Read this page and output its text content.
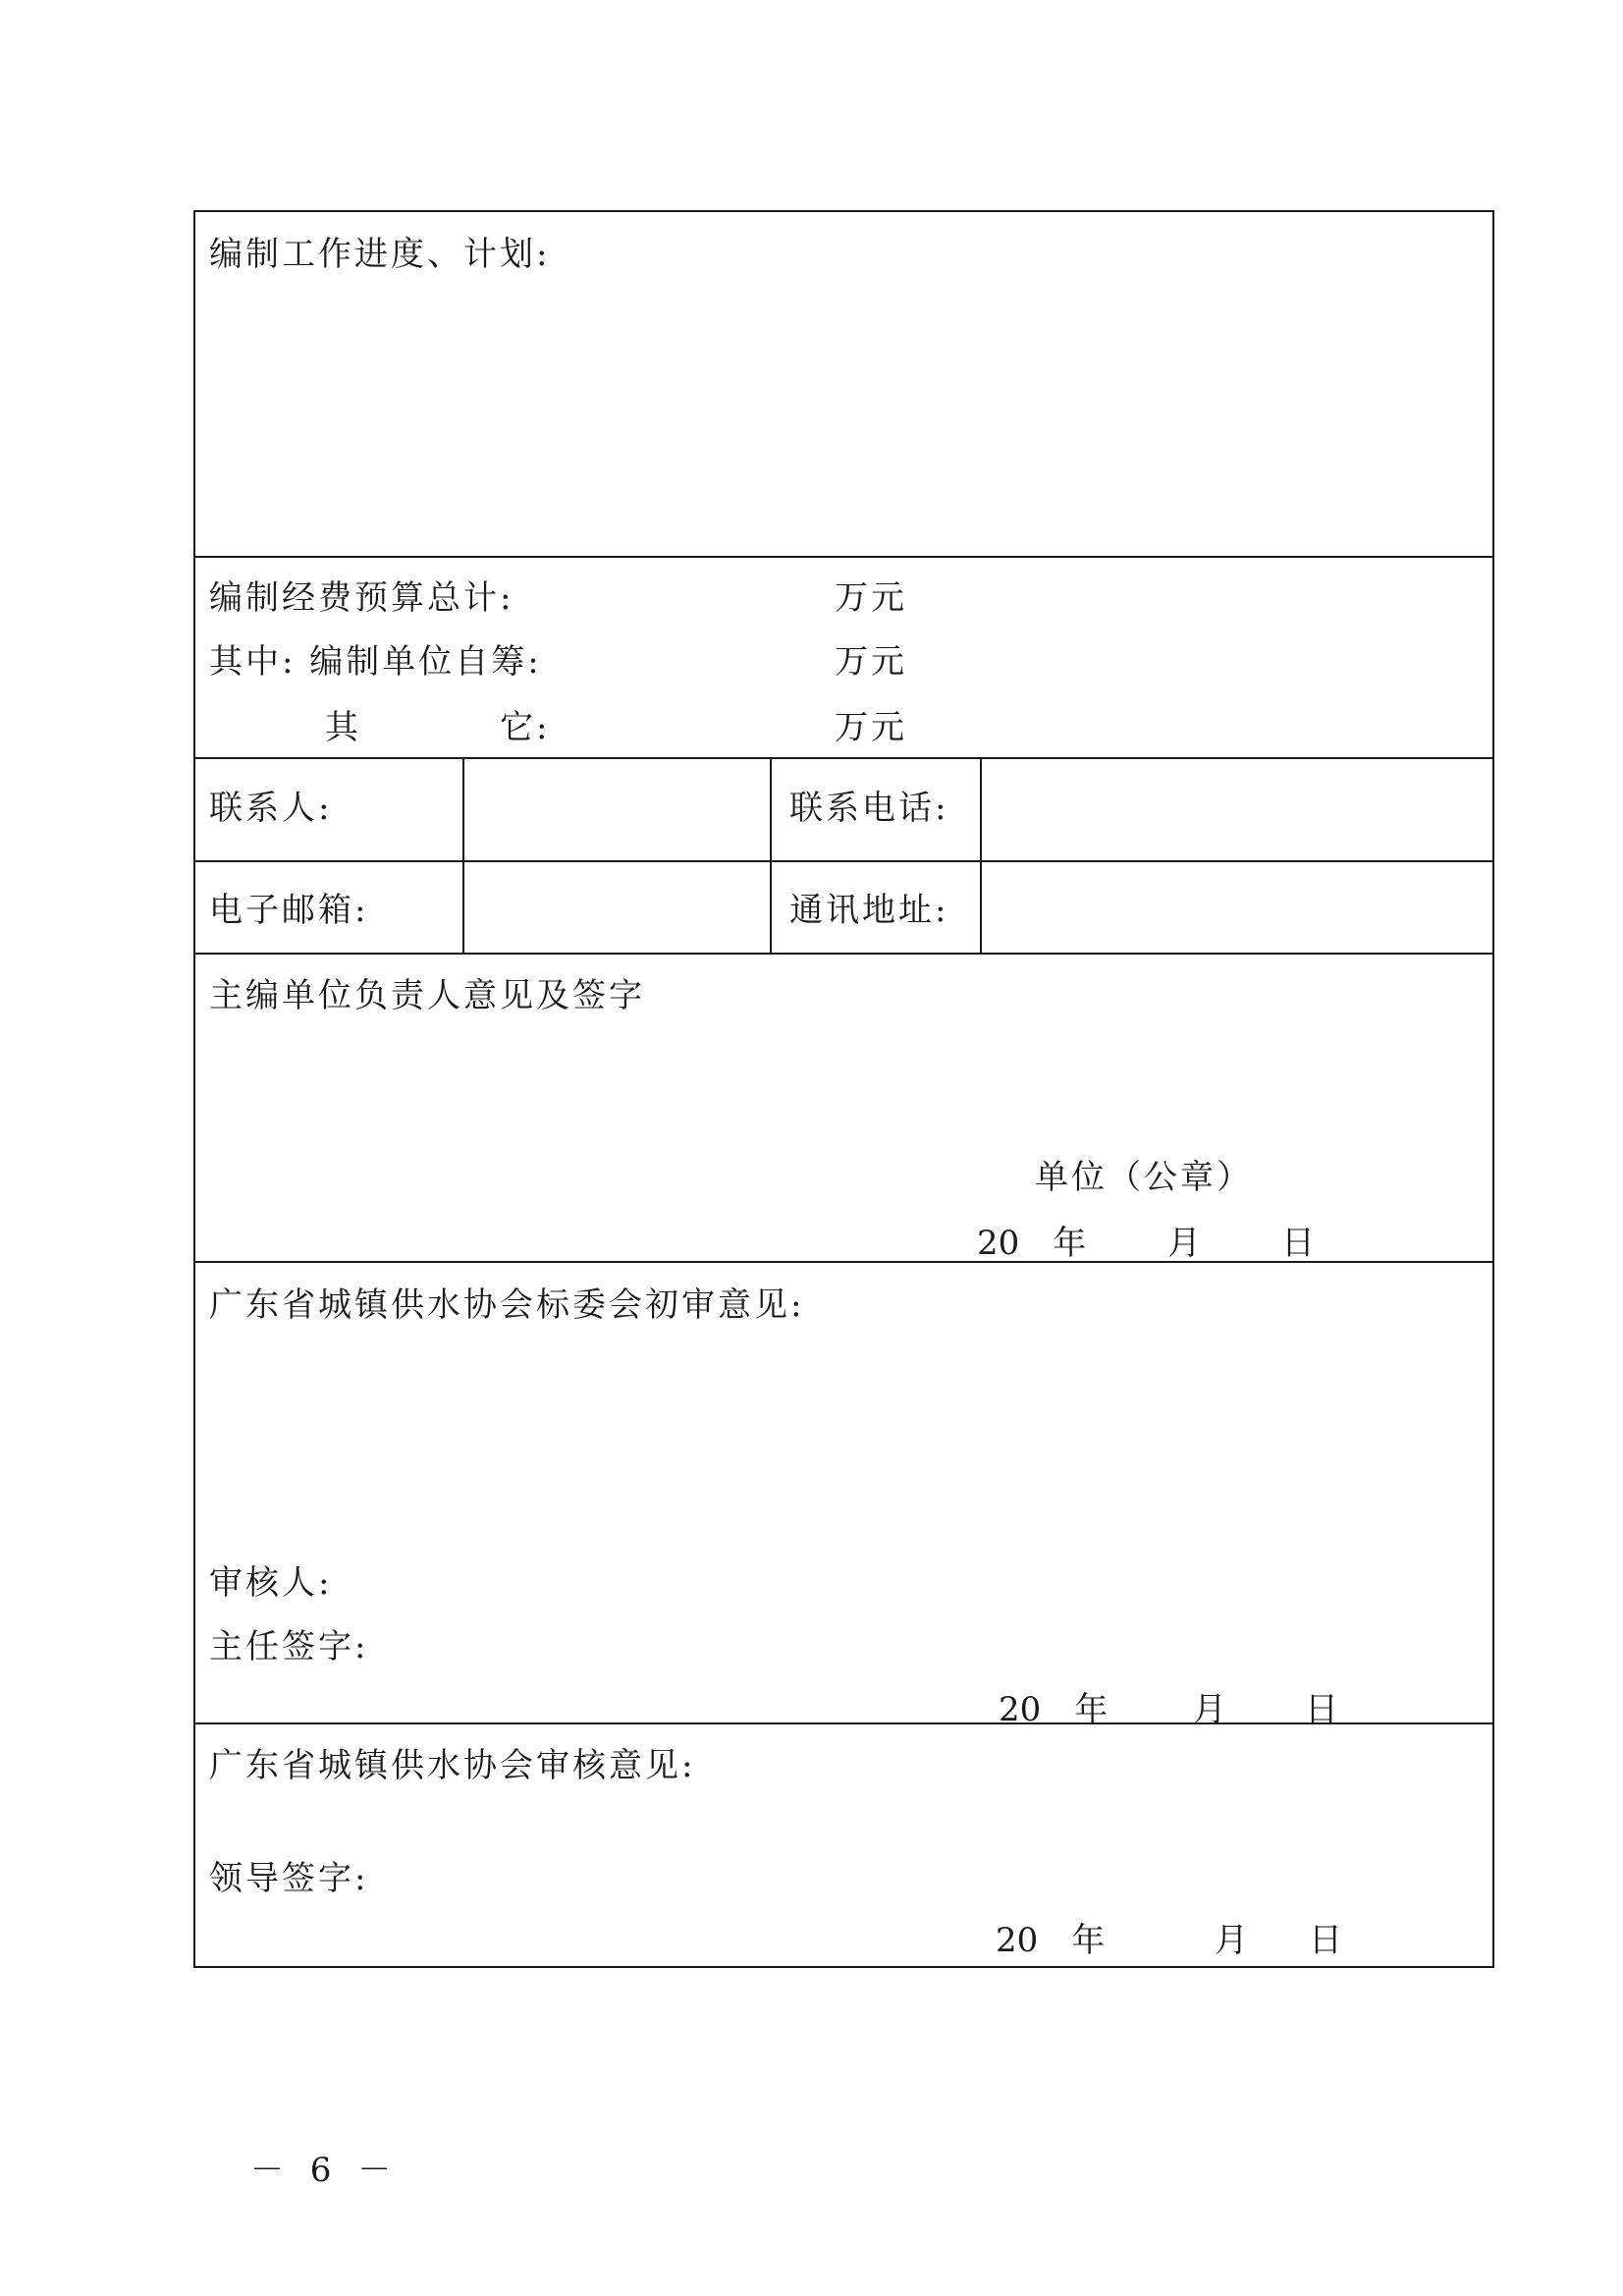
编制工作进度、计划:
编制经费预算总计:	万元
其中: 编制单位自筹:	万元
其	它:	万元
联系人:	联系电话:
电子邮箱:	通讯地址:
主编单位负责人意见及签字
单位（公章）
20　年 月 日
广东省城镇供水协会标委会初审意见:
审核人:
主任签字:
20　年	月 日
广东省城镇供水协会审核意见:
领导签字:
20　年	月 日
－ 6 －
